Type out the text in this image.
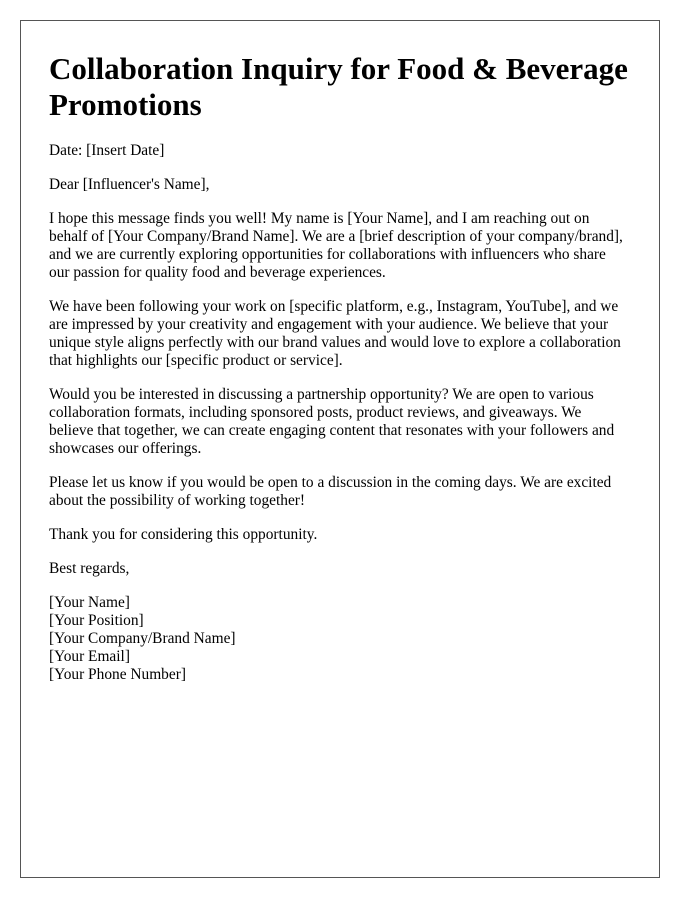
Collaboration Inquiry for Food & Beverage Promotions

Date: [Insert Date]

Dear [Influencer's Name],

I hope this message finds you well! My name is [Your Name], and I am reaching out on behalf of [Your Company/Brand Name]. We are a [brief description of your company/brand], and we are currently exploring opportunities for collaborations with influencers who share our passion for quality food and beverage experiences.

We have been following your work on [specific platform, e.g., Instagram, YouTube], and we are impressed by your creativity and engagement with your audience. We believe that your unique style aligns perfectly with our brand values and would love to explore a collaboration that highlights our [specific product or service].

Would you be interested in discussing a partnership opportunity? We are open to various collaboration formats, including sponsored posts, product reviews, and giveaways. We believe that together, we can create engaging content that resonates with your followers and showcases our offerings.

Please let us know if you would be open to a discussion in the coming days. We are excited about the possibility of working together!

Thank you for considering this opportunity.

Best regards,

[Your Name]
[Your Position]
[Your Company/Brand Name]
[Your Email]
[Your Phone Number]
